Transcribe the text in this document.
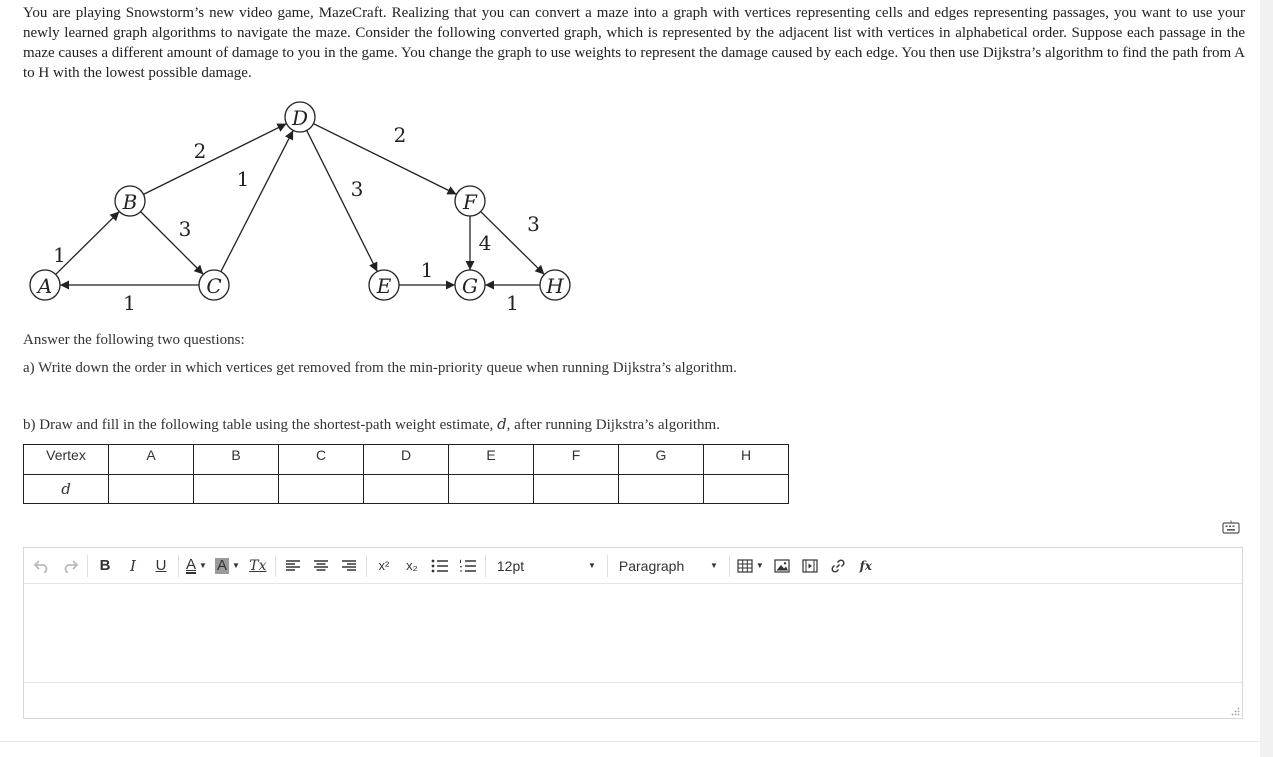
You are playing Snowstorm’s new video game, MazeCraft. Realizing that you can convert a maze into a graph with vertices representing cells and edges representing passages, you want to use your newly learned graph algorithms to navigate the maze. Consider the following converted graph, which is represented by the adjacent list with vertices in alphabetical order. Suppose each passage in the maze causes a different amount of damage to you in the game. You change the graph to use weights to represent the damage caused by each edge. You then use Dijkstra’s algorithm to find the path from A to H with the lowest possible damage.
1
1
2
3
1
2
3
4
3
1
1
A
B
C
D
E
F
G	H
Answer the following two questions:
a) Write down the order in which vertices get removed from the min-priority queue when running Dijkstra’s algorithm.
b) Draw and fill in the following table using the shortest-path weight estimate, d, after running Dijkstra’s algorithm.
Vertex	A	B	C	D	E	F	G	H
d								
B	I	U	A ▼ A ▼ Tx	x²	x₂	12pt	▼ Paragraph	▼	▼	fx
